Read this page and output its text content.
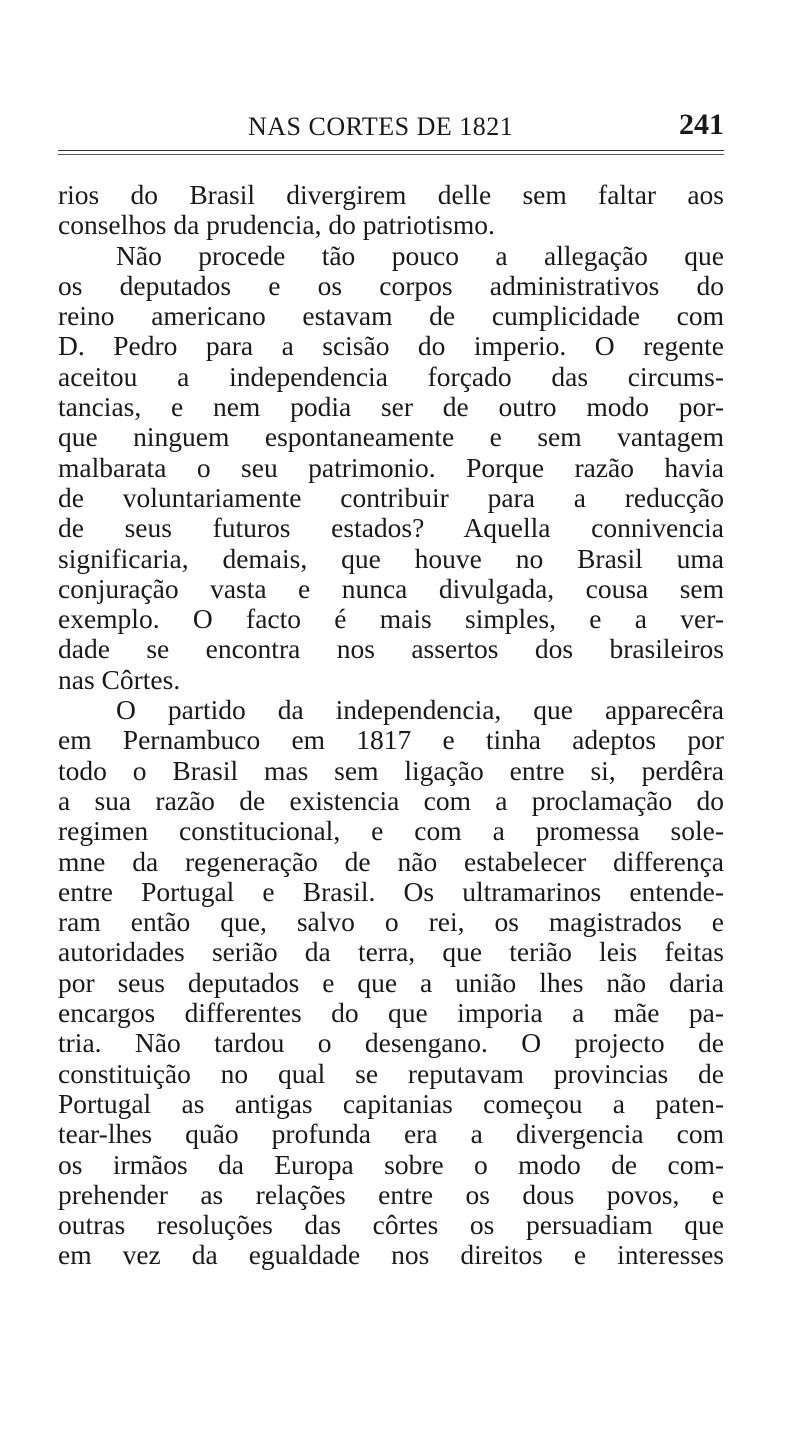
NAS CORTES DE 1821	241
rios do Brasil divergirem delle sem faltar aos
conselhos da prudencia, do patriotismo.
Não procede tão pouco a allegação que
os deputados e os corpos administrativos do
reino americano estavam de cumplicidade com
D. Pedro para a scisão do imperio. O regente
aceitou a independencia forçado das circums-
tancias, e nem podia ser de outro modo por-
que ninguem espontaneamente e sem vantagem
malbarata o seu patrimonio. Porque razão havia
de voluntariamente contribuir para a reducção
de seus futuros estados? Aquella connivencia
significaria, demais, que houve no Brasil uma
conjuração vasta e nunca divulgada, cousa sem
exemplo. O facto é mais simples, e a ver-
dade se encontra nos assertos dos brasileiros
nas Côrtes.
O partido da independencia, que apparecêra
em Pernambuco em 1817 e tinha adeptos por
todo o Brasil mas sem ligação entre si, perdêra
a sua razão de existencia com a proclamação do
regimen constitucional, e com a promessa sole-
mne da regeneração de não estabelecer differença
entre Portugal e Brasil. Os ultramarinos entende-
ram então que, salvo o rei, os magistrados e
autoridades serião da terra, que terião leis feitas
por seus deputados e que a união lhes não daria
encargos differentes do que imporia a mãe pa-
tria. Não tardou o desengano. O projecto de
constituição no qual se reputavam provincias de
Portugal as antigas capitanias começou a paten-
tear-lhes quão profunda era a divergencia com
os irmãos da Europa sobre o modo de com-
prehender as relações entre os dous povos, e
outras resoluções das côrtes os persuadiam que
em vez da egualdade nos direitos e interesses
